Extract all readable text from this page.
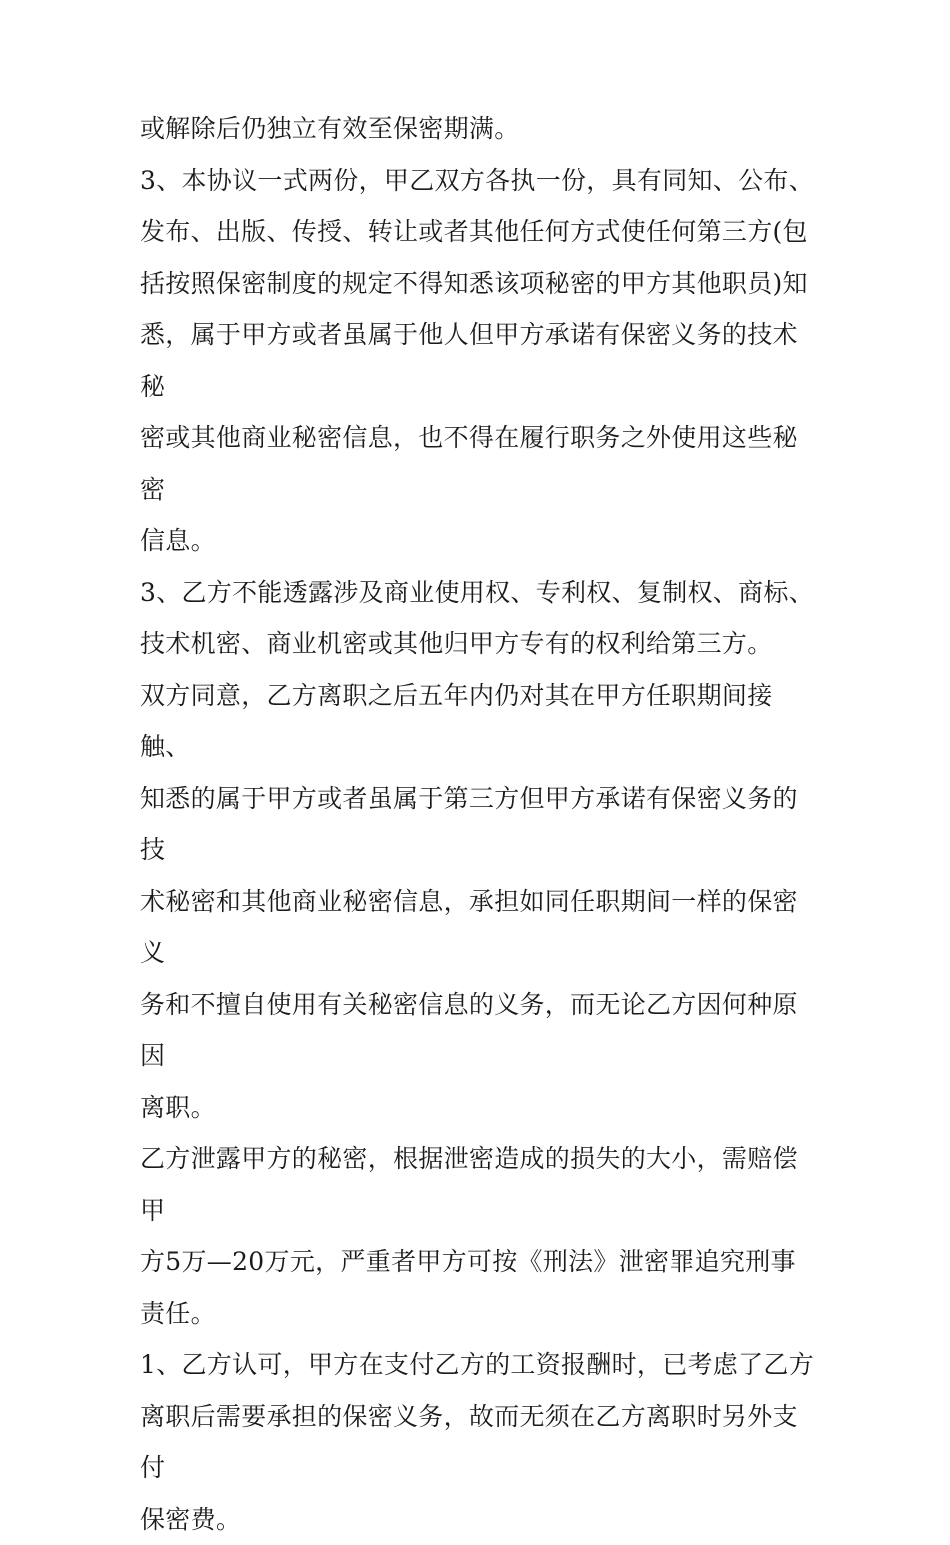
或解除后仍独立有效至保密期满。
3、本协议一式两份，甲乙双方各执一份，具有同知、公布、
发布、出版、传授、转让或者其他任何方式使任何第三方(包
括按照保密制度的规定不得知悉该项秘密的甲方其他职员)知
悉，属于甲方或者虽属于他人但甲方承诺有保密义务的技术秘
密或其他商业秘密信息，也不得在履行职务之外使用这些秘密
信息。
3、乙方不能透露涉及商业使用权、专利权、复制权、商标、
技术机密、商业机密或其他归甲方专有的权利给第三方。
双方同意，乙方离职之后五年内仍对其在甲方任职期间接触、
知悉的属于甲方或者虽属于第三方但甲方承诺有保密义务的技
术秘密和其他商业秘密信息，承担如同任职期间一样的保密义
务和不擅自使用有关秘密信息的义务，而无论乙方因何种原因
离职。
乙方泄露甲方的秘密，根据泄密造成的损失的大小，需赔偿甲
方5万—20万元，严重者甲方可按《刑法》泄密罪追究刑事
责任。
1、乙方认可，甲方在支付乙方的工资报酬时，已考虑了乙方
离职后需要承担的保密义务，故而无须在乙方离职时另外支付
保密费。
